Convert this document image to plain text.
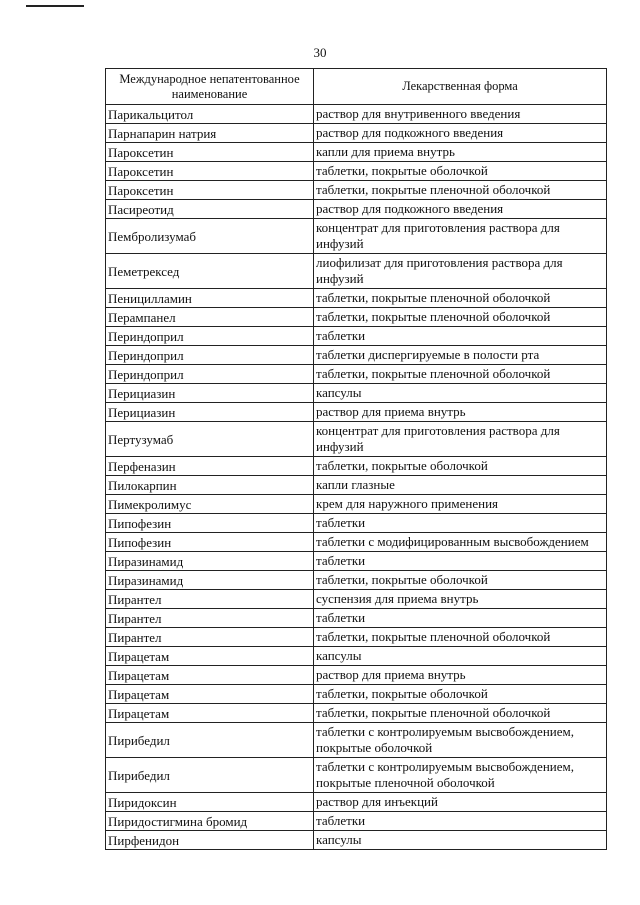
30
Международное непатентованное наименование	Лекарственная форма
Парикальцитол	раствор для внутривенного введения
Парнапарин натрия	раствор для подкожного введения
Пароксетин	капли для приема внутрь
Пароксетин	таблетки, покрытые оболочкой
Пароксетин	таблетки, покрытые пленочной оболочкой
Пасиреотид	раствор для подкожного введения
Пембролизумаб	концентрат для приготовления раствора для инфузий
Пеметрексед	лиофилизат для приготовления раствора для инфузий
Пеницилламин	таблетки, покрытые пленочной оболочкой
Перампанел	таблетки, покрытые пленочной оболочкой
Периндоприл	таблетки
Периндоприл	таблетки диспергируемые в полости рта
Периндоприл	таблетки, покрытые пленочной оболочкой
Перициазин	капсулы
Перициазин	раствор для приема внутрь
Пертузумаб	концентрат для приготовления раствора для инфузий
Перфеназин	таблетки, покрытые оболочкой
Пилокарпин	капли глазные
Пимекролимус	крем для наружного применения
Пипофезин	таблетки
Пипофезин	таблетки с модифицированным высвобождением
Пиразинамид	таблетки
Пиразинамид	таблетки, покрытые оболочкой
Пирантел	суспензия для приема внутрь
Пирантел	таблетки
Пирантел	таблетки, покрытые пленочной оболочкой
Пирацетам	капсулы
Пирацетам	раствор для приема внутрь
Пирацетам	таблетки, покрытые оболочкой
Пирацетам	таблетки, покрытые пленочной оболочкой
Пирибедил	таблетки с контролируемым высвобождением, покрытые оболочкой
Пирибедил	таблетки с контролируемым высвобождением, покрытые пленочной оболочкой
Пиридоксин	раствор для инъекций
Пиридостигмина бромид	таблетки
Пирфенидон	капсулы
